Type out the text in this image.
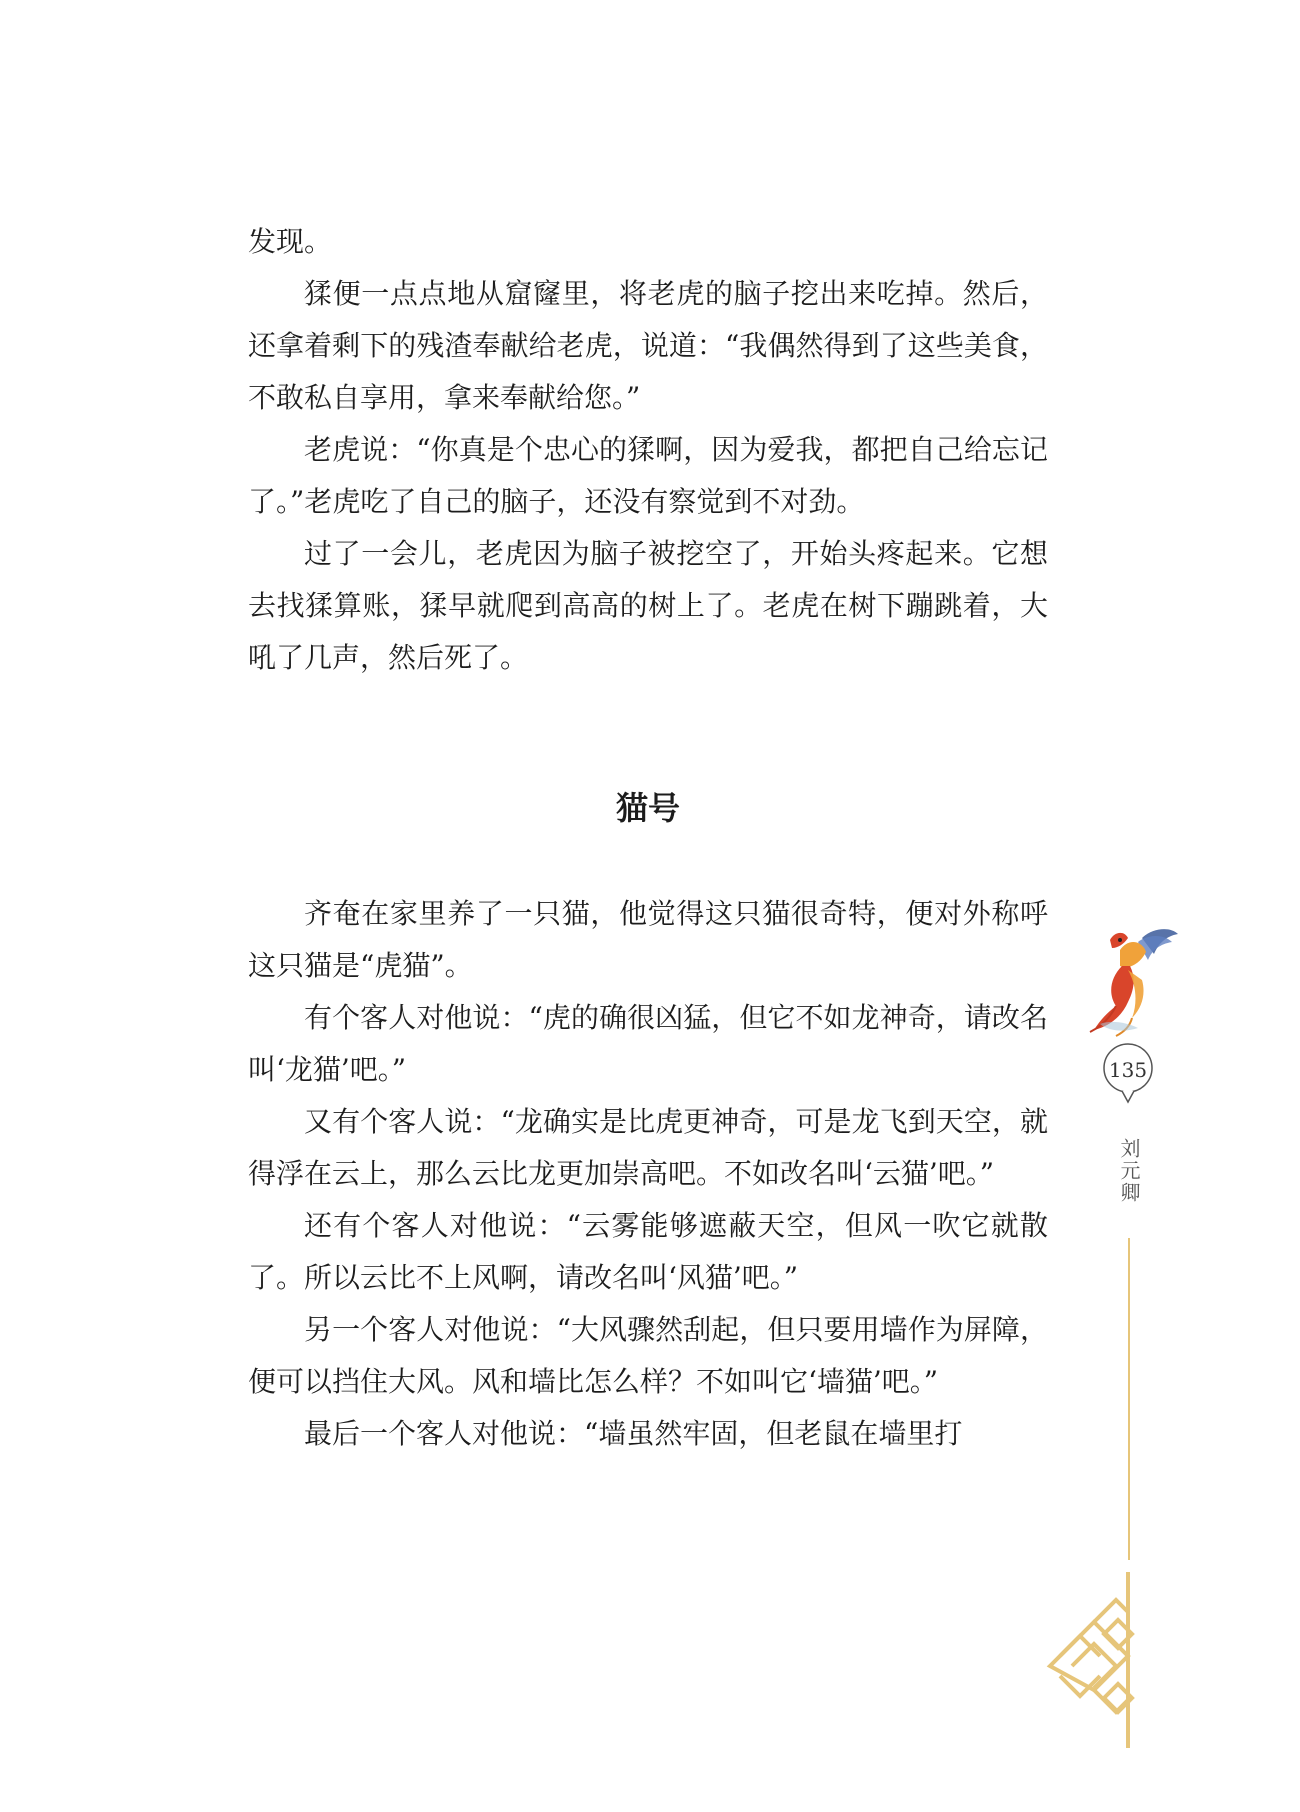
发现。

猱便一点点地从窟窿里，将老虎的脑子挖出来吃掉。然后，还拿着剩下的残渣奉献给老虎，说道：“我偶然得到了这些美食，不敢私自享用，拿来奉献给您。”

老虎说：“你真是个忠心的猱啊，因为爱我，都把自己给忘记了。”老虎吃了自己的脑子，还没有察觉到不对劲。

过了一会儿，老虎因为脑子被挖空了，开始头疼起来。它想去找猱算账，猱早就爬到高高的树上了。老虎在树下蹦跳着，大吼了几声，然后死了。

猫号

齐奄在家里养了一只猫，他觉得这只猫很奇特，便对外称呼这只猫是“虎猫”。

有个客人对他说：“虎的确很凶猛，但它不如龙神奇，请改名叫‘龙猫’吧。”

又有个客人说：“龙确实是比虎更神奇，可是龙飞到天空，就得浮在云上，那么云比龙更加崇高吧。不如改名叫‘云猫’吧。”

还有个客人对他说：“云雾能够遮蔽天空，但风一吹它就散了。所以云比不上风啊，请改名叫‘风猫’吧。”

另一个客人对他说：“大风骤然刮起，但只要用墙作为屏障，便可以挡住大风。风和墙比怎么样？不如叫它‘墙猫’吧。”

最后一个客人对他说：“墙虽然牢固，但老鼠在墙里打

135
刘元卿
